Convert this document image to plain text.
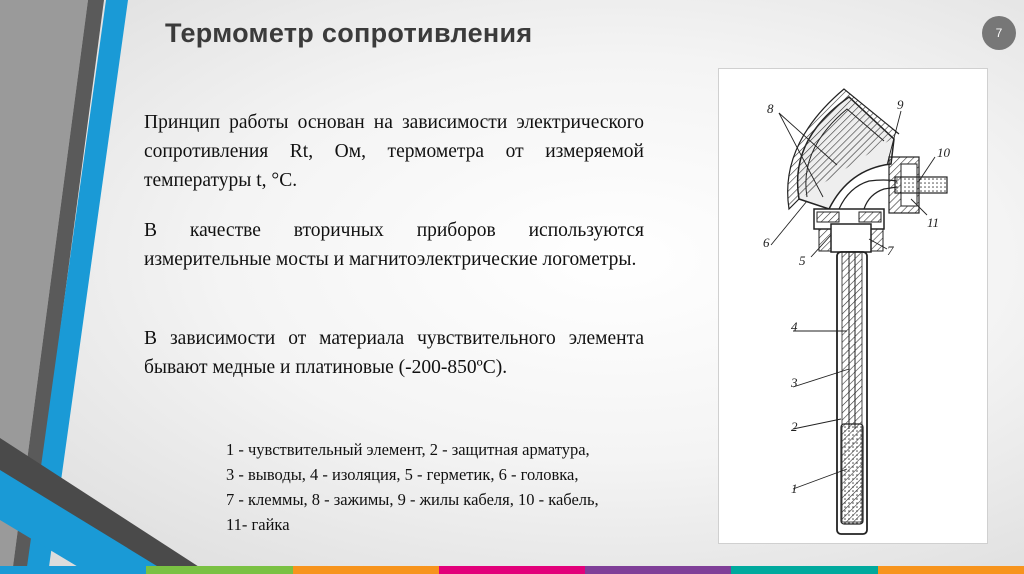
Термометр сопротивления	7
Принцип работы основан на зависимости электрического сопротивления Rt, Ом, термометра от измеряемой температуры t, °С.
В качестве вторичных приборов используются измерительные мосты и магнитоэлектрические логометры.
В зависимости от материала чувствительного элемента бывают медные и платиновые (-200-850ºС).
1 - чувствительный элемент, 2 - защитная арматура,
3 - выводы, 4 - изоляция, 5 - герметик, 6 - головка,
7 - клеммы, 8 - зажимы, 9 - жилы кабеля, 10 - кабель,
11- гайка
8	9
10
11
6
5
7
4
3
2
1
